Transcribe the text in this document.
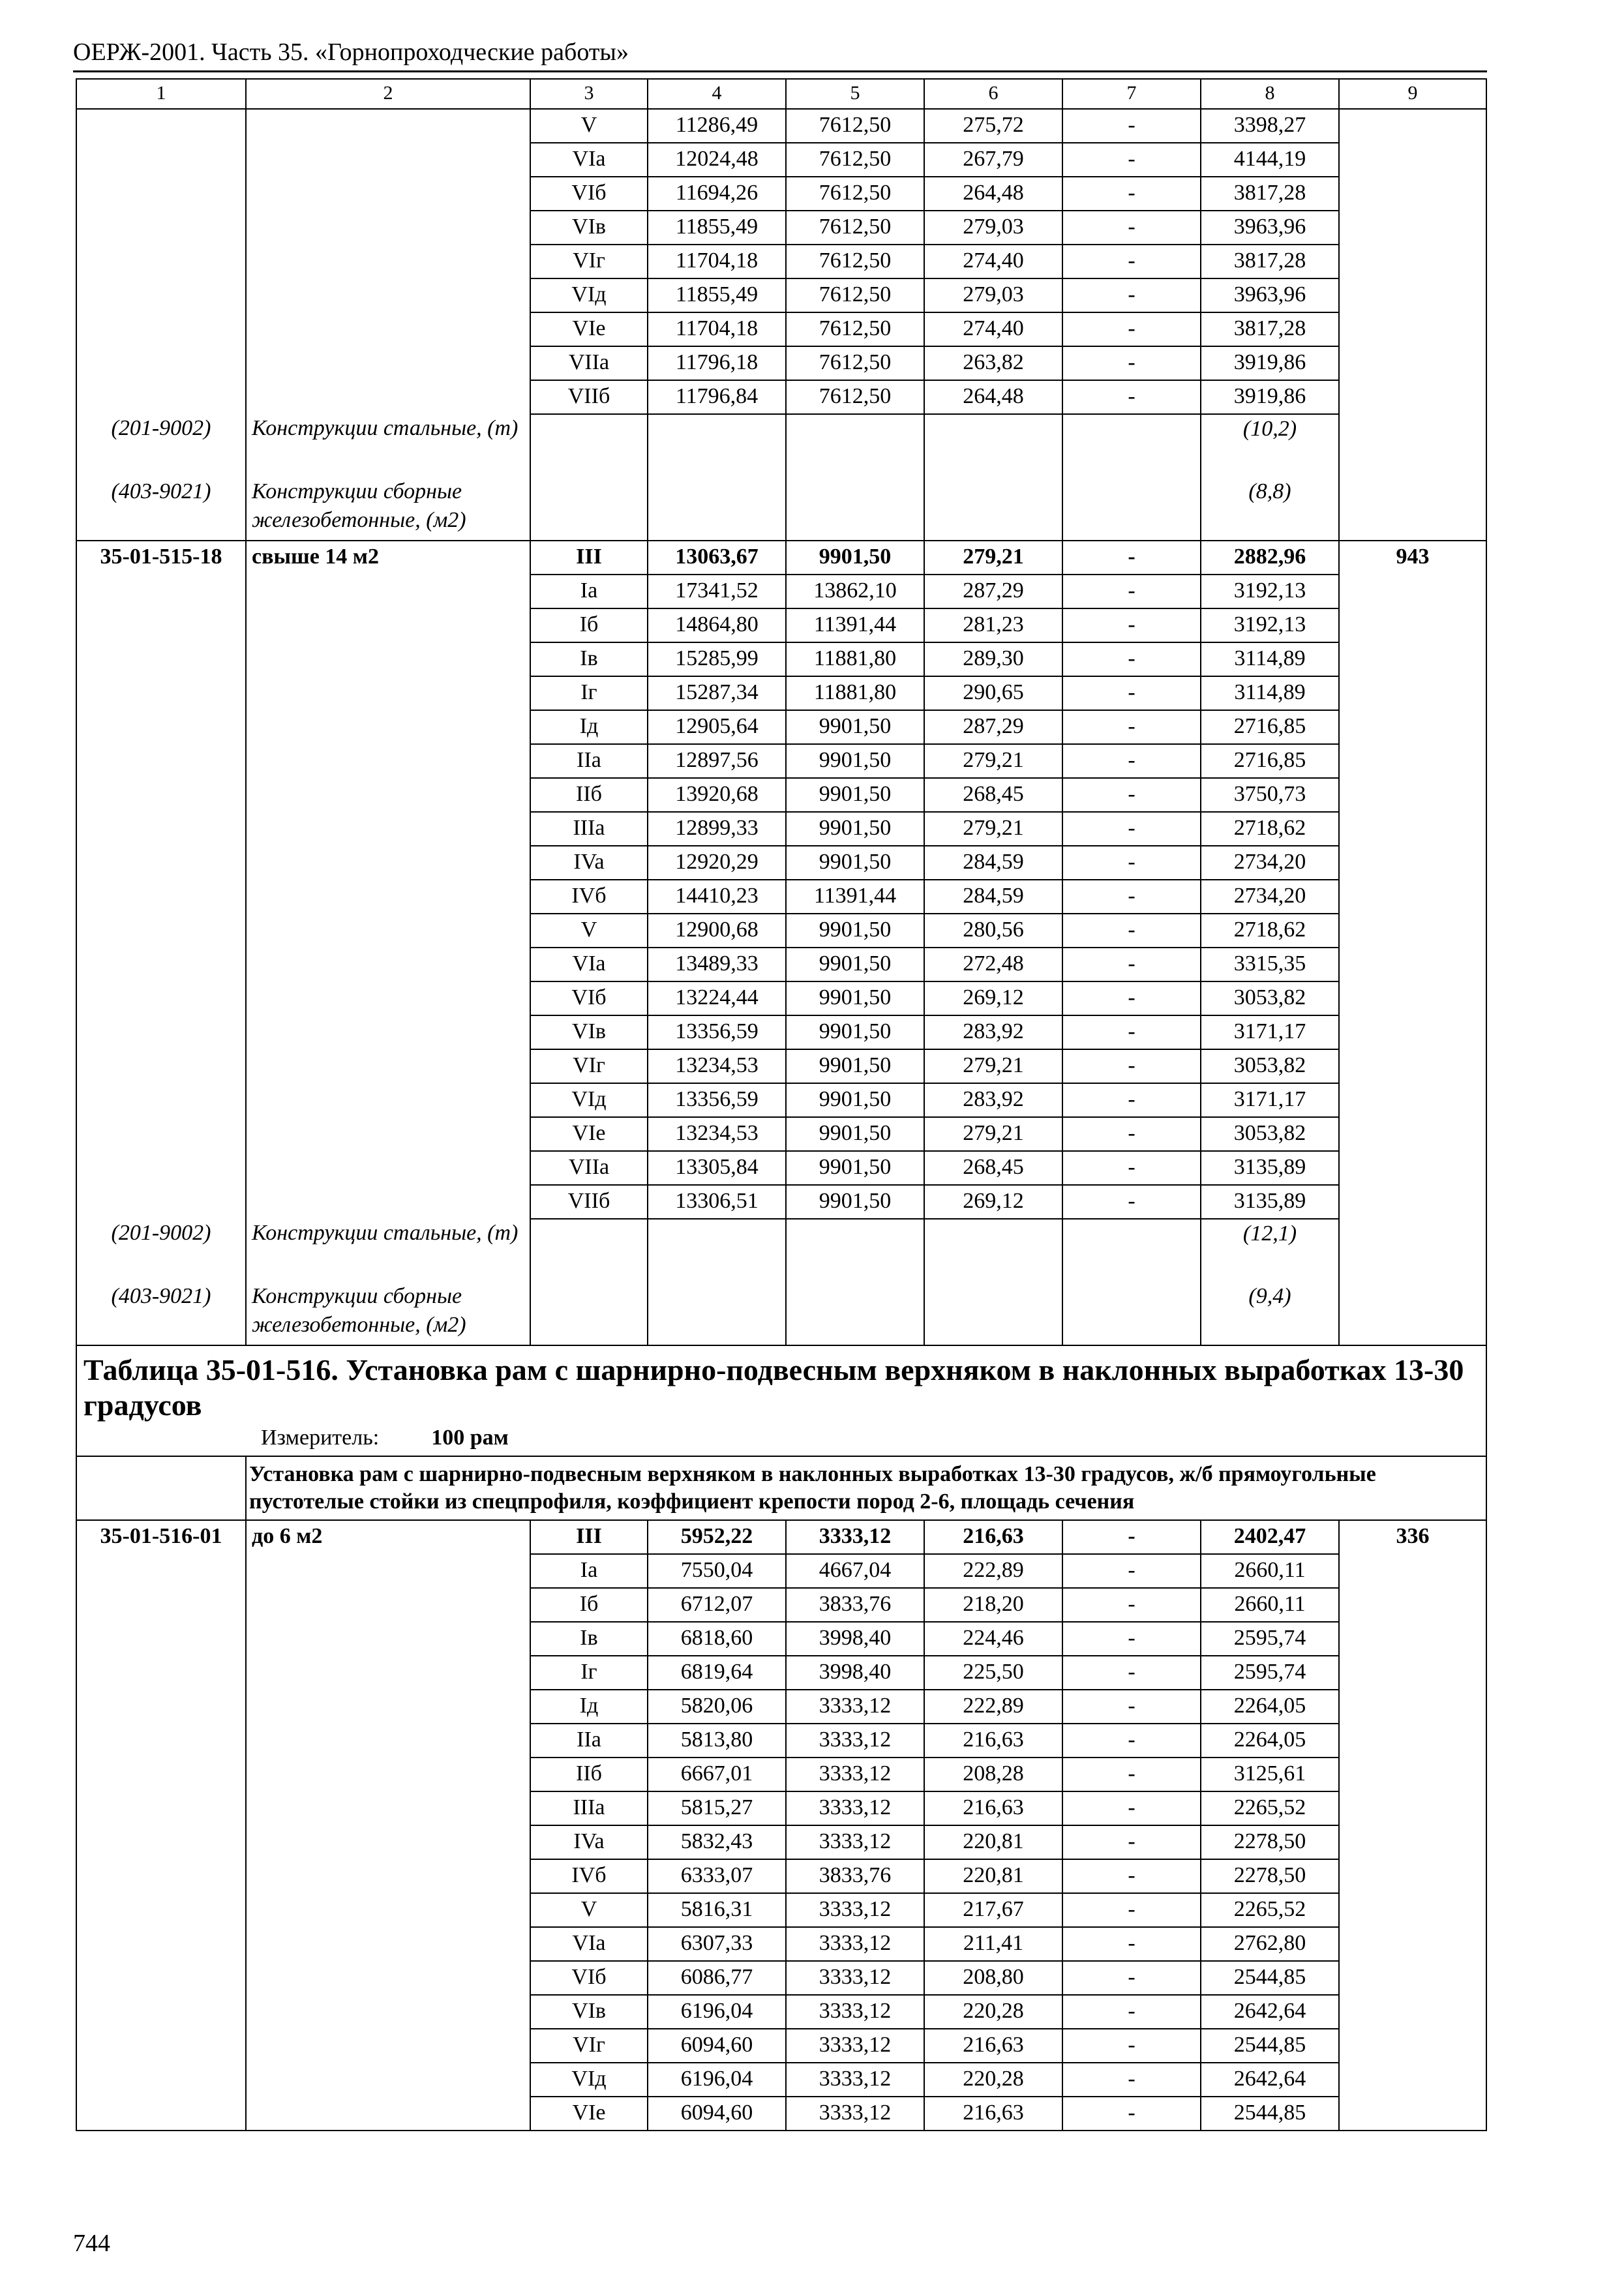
ОЕРЖ-2001. Часть 35. «Горнопроходческие работы»
1	2	3	4	5	6	7	8	9
		V	11286,49	7612,50	275,72	-	3398,27	
		VIa	12024,48	7612,50	267,79	-	4144,19	
		VIб	11694,26	7612,50	264,48	-	3817,28	
		VIв	11855,49	7612,50	279,03	-	3963,96	
		VIг	11704,18	7612,50	274,40	-	3817,28	
		VIд	11855,49	7612,50	279,03	-	3963,96	
		VIe	11704,18	7612,50	274,40	-	3817,28	
		VIIa	11796,18	7612,50	263,82	-	3919,86	
		VIIб	11796,84	7612,50	264,48	-	3919,86	
(201-9002)	Конструкции стальные, (т)						(10,2)	
(403-9021)	Конструкции сборные железобетонные, (м2)						(8,8)	
35-01-515-18	свыше 14 м2	III	13063,67	9901,50	279,21	-	2882,96	943
		Ia	17341,52	13862,10	287,29	-	3192,13	
		Iб	14864,80	11391,44	281,23	-	3192,13	
		Iв	15285,99	11881,80	289,30	-	3114,89	
		Iг	15287,34	11881,80	290,65	-	3114,89	
		Iд	12905,64	9901,50	287,29	-	2716,85	
		IIa	12897,56	9901,50	279,21	-	2716,85	
		IIб	13920,68	9901,50	268,45	-	3750,73	
		IIIa	12899,33	9901,50	279,21	-	2718,62	
		IVa	12920,29	9901,50	284,59	-	2734,20	
		IVб	14410,23	11391,44	284,59	-	2734,20	
		V	12900,68	9901,50	280,56	-	2718,62	
		VIa	13489,33	9901,50	272,48	-	3315,35	
		VIб	13224,44	9901,50	269,12	-	3053,82	
		VIв	13356,59	9901,50	283,92	-	3171,17	
		VIг	13234,53	9901,50	279,21	-	3053,82	
		VIд	13356,59	9901,50	283,92	-	3171,17	
		VIe	13234,53	9901,50	279,21	-	3053,82	
		VIIa	13305,84	9901,50	268,45	-	3135,89	
		VIIб	13306,51	9901,50	269,12	-	3135,89	
(201-9002)	Конструкции стальные, (т)						(12,1)	
(403-9021)	Конструкции сборные железобетонные, (м2)						(9,4)	

Таблица 35-01-516. Установка рам с шарнирно-подвесным верхняком в наклонных выработках 13-30 градусов
Измеритель: 100 рам								

	Установка рам с шарнирно-подвесным верхняком в наклонных выработках 13-30 градусов, ж/б прямоугольные пустотелые стойки из спецпрофиля, коэффициент крепости пород 2-6, площадь сечения							
35-01-516-01	до 6 м2	III	5952,22	3333,12	216,63	-	2402,47	336
		Ia	7550,04	4667,04	222,89	-	2660,11	
		Iб	6712,07	3833,76	218,20	-	2660,11	
		Iв	6818,60	3998,40	224,46	-	2595,74	
		Iг	6819,64	3998,40	225,50	-	2595,74	
		Iд	5820,06	3333,12	222,89	-	2264,05	
		IIa	5813,80	3333,12	216,63	-	2264,05	
		IIб	6667,01	3333,12	208,28	-	3125,61	
		IIIa	5815,27	3333,12	216,63	-	2265,52	
		IVa	5832,43	3333,12	220,81	-	2278,50	
		IVб	6333,07	3833,76	220,81	-	2278,50	
		V	5816,31	3333,12	217,67	-	2265,52	
		VIa	6307,33	3333,12	211,41	-	2762,80	
		VIб	6086,77	3333,12	208,80	-	2544,85	
		VIв	6196,04	3333,12	220,28	-	2642,64	
		VIг	6094,60	3333,12	216,63	-	2544,85	
		VIд	6196,04	3333,12	220,28	-	2642,64	
		VIe	6094,60	3333,12	216,63	-	2544,85	
744
